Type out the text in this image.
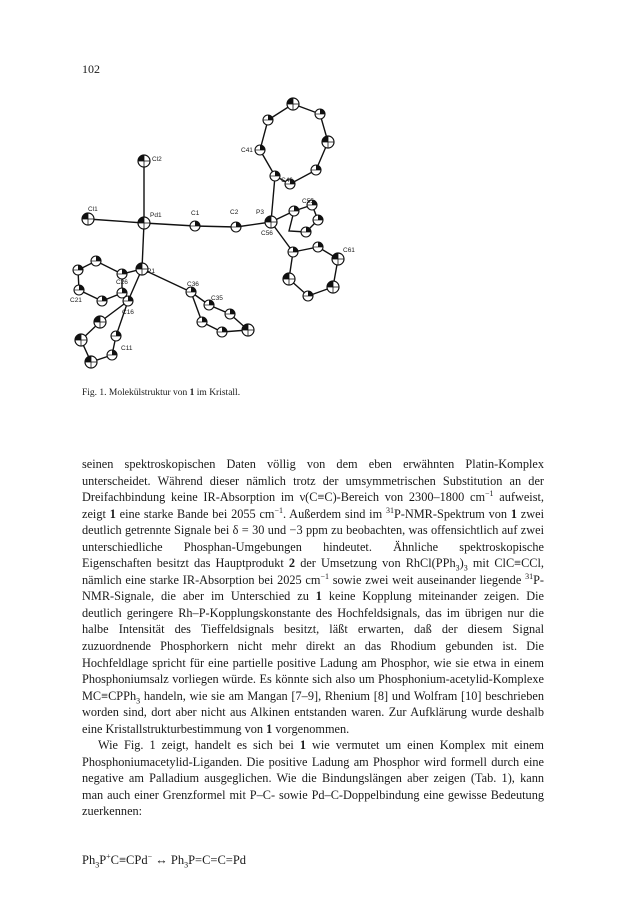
102
Cl2
Cl1
Pd1	C1	C2	P3
C41
C46
C55
C56
C61
P1
C26
C21
C16
C11
C36
C35
Fig. 1. Molekülstruktur von 1 im Kristall.

seinen spektroskopischen Daten völlig von dem eben erwähnten Platin-Komplex unterscheidet. Während dieser nämlich trotz der umsymmetrischen Substitution an der Dreifachbindung keine IR-Absorption im ν(C≡C)-Bereich von 2300–1800 $cm^{-1}$ aufweist, zeigt 1 eine starke Bande bei 2055 $cm^{-1}$. Außerdem sind im $^{31}$P-NMR-Spektrum von 1 zwei deutlich getrennte Signale bei δ = 30 und −3 ppm zu beobachten, was offensichtlich auf zwei unterschiedliche Phosphan-Umgebungen hindeutet. Ähnliche spektroskopische Eigenschaften besitzt das Hauptprodukt 2 der Umsetzung von $RhCl(PPh_3)_3$ mit ClC≡CCl, nämlich eine starke IR-Absorption bei 2025 $cm^{-1}$ sowie zwei weit auseinander liegende $^{31}$P-NMR-Signale, die aber im Unterschied zu 1 keine Kopplung miteinander zeigen. Die deutlich geringere Rh–P-Kopplungskonstante des Hochfeldsignals, das im übrigen nur die halbe Intensität des Tieffeldsignals besitzt, läßt erwarten, daß der diesem Signal zuzuordnende Phosphorkern nicht mehr direkt an das Rhodium gebunden ist. Die Hochfeldlage spricht für eine partielle positive Ladung am Phosphor, wie sie etwa in einem Phosphoniumsalz vorliegen würde. Es könnte sich also um Phosphonium-acetylid-Komplexe MC≡CPPh$_3$ handeln, wie sie am Mangan [7–9], Rhenium [8] und Wolfram [10] beschrieben worden sind, dort aber nicht aus Alkinen entstanden waren. Zur Aufklärung wurde deshalb eine Kristallstrukturbestimmung von 1 vorgenommen.

Wie Fig. 1 zeigt, handelt es sich bei 1 wie vermutet um einen Komplex mit einem Phosphoniumacetylid-Liganden. Die positive Ladung am Phosphor wird formell durch eine negative am Palladium ausgeglichen. Wie die Bindungslängen aber zeigen (Tab. 1), kann man auch einer Grenzformel mit P–C- sowie Pd–C-Doppelbindung eine gewisse Bedeutung zuerkennen:

$Ph_3P^+C\equiv CPd^-$ ↔ $Ph_3P=C=C=Pd$
